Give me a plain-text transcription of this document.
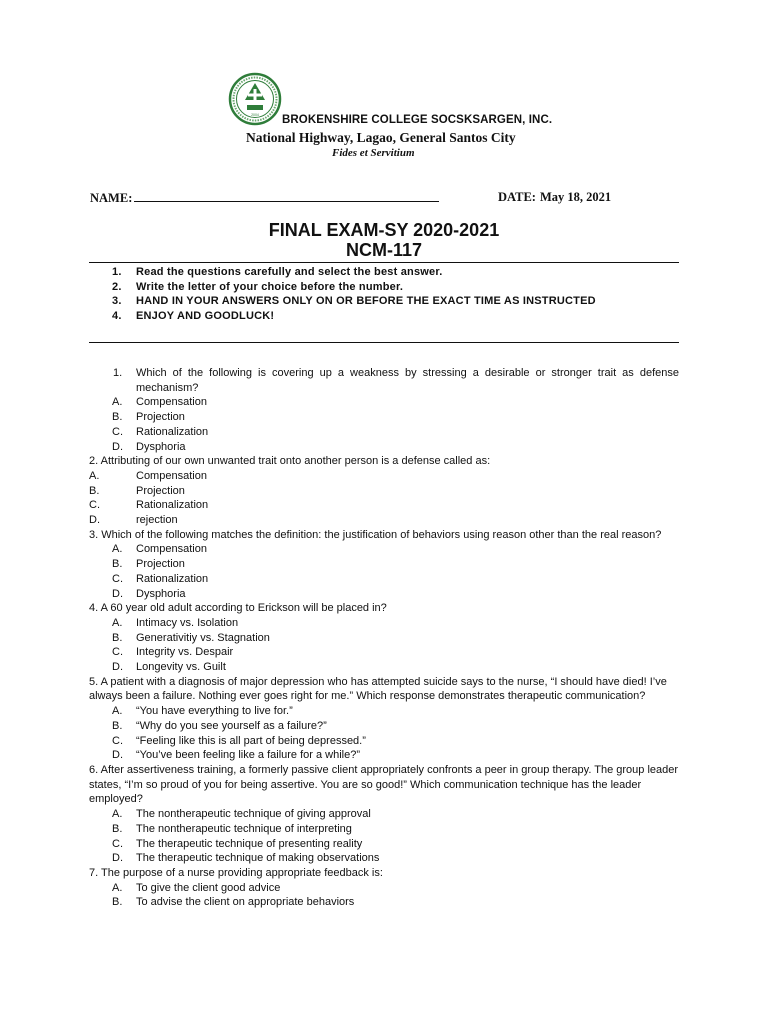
2004 BROKENSHIRE COLLEGE SOCSKSARGEN, INC.
National Highway, Lagao, General Santos City
Fides et Servitium
NAME:	DATE: May 18, 2021
FINAL EXAM-SY 2020-2021
NCM-117
1. Read the questions carefully and select the best answer.
2. Write the letter of your choice before the number.
3. HAND IN YOUR ANSWERS ONLY ON OR BEFORE THE EXACT TIME AS INSTRUCTED
4. ENJOY AND GOODLUCK!
1. Which of the following is covering up a weakness by stressing a desirable or stronger trait as defense mechanism?
A. Compensation
B. Projection
C. Rationalization
D. Dysphoria
2. Attributing of our own unwanted trait onto another person is a defense called as:
A.	Compensation
B.	Projection
C.	Rationalization
D.	rejection
3. Which of the following matches the definition: the justification of behaviors using reason other than the real reason?
A. Compensation
B. Projection
C. Rationalization
D. Dysphoria
4. A 60 year old adult according to Erickson will be placed in?
A. Intimacy vs. Isolation
B. Generativitiy vs. Stagnation
C. Integrity vs. Despair
D. Longevity vs. Guilt
5. A patient with a diagnosis of major depression who has attempted suicide says to the nurse, “I should have died! I’ve always been a failure. Nothing ever goes right for me.” Which response demonstrates therapeutic communication?
A. “You have everything to live for.”
B. “Why do you see yourself as a failure?”
C. “Feeling like this is all part of being depressed.”
D. “You’ve been feeling like a failure for a while?”
6. After assertiveness training, a formerly passive client appropriately confronts a peer in group therapy. The group leader states, “I’m so proud of you for being assertive. You are so good!” Which communication technique has the leader employed?
A. The nontherapeutic technique of giving approval
B. The nontherapeutic technique of interpreting
C. The therapeutic technique of presenting reality
D. The therapeutic technique of making observations
7. The purpose of a nurse providing appropriate feedback is:
A. To give the client good advice
B. To advise the client on appropriate behaviors
